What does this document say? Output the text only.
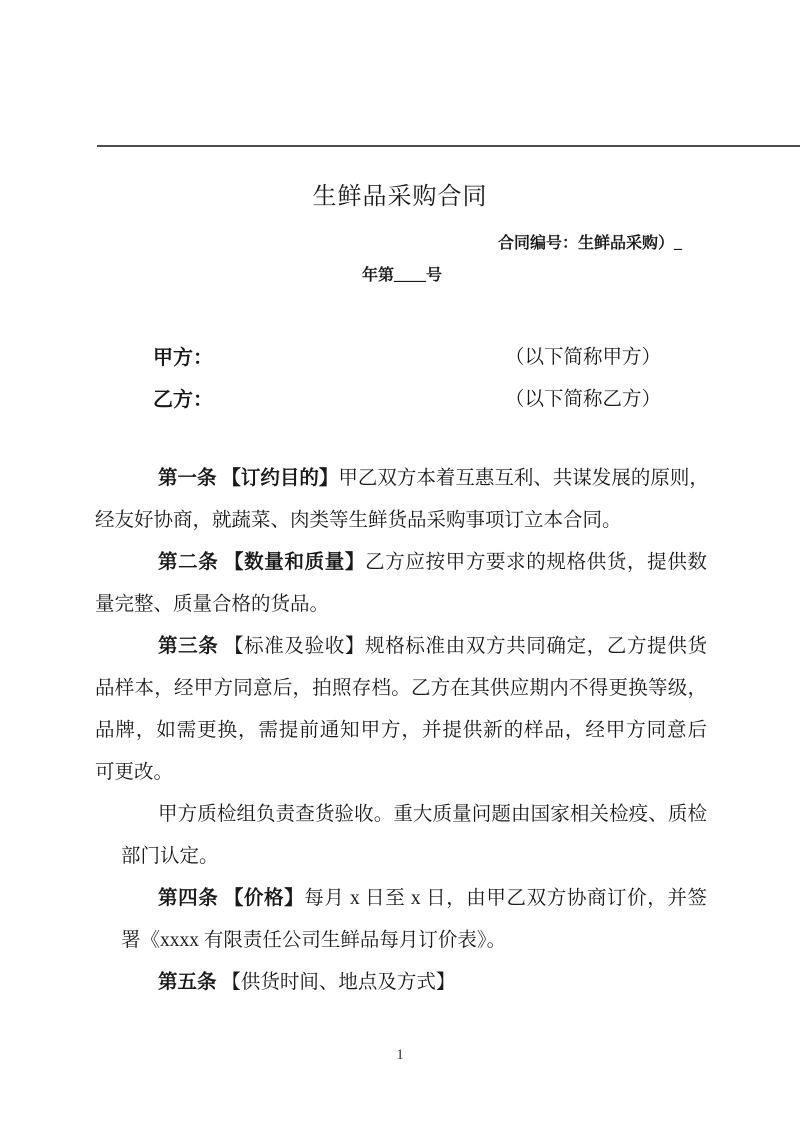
生鲜品采购合同
合同编号：生鲜品采购）_
年第____号
甲方：	（以下简称甲方）
乙方：	（以下简称乙方）
第一条 【订约目的】甲乙双方本着互惠互利、共谋发展的原则，
经友好协商，就蔬菜、肉类等生鲜货品采购事项订立本合同。
第二条 【数量和质量】乙方应按甲方要求的规格供货，提供数
量完整、质量合格的货品。
第三条 【标准及验收】规格标准由双方共同确定，乙方提供货
品样本，经甲方同意后，拍照存档。乙方在其供应期内不得更换等级，
品牌，如需更换，需提前通知甲方，并提供新的样品，经甲方同意后
可更改。
甲方质检组负责查货验收。重大质量问题由国家相关检疫、质检
部门认定。
第四条 【价格】每月 x 日至 x 日，由甲乙双方协商订价，并签
署《xxxx 有限责任公司生鲜品每月订价表》。
第五条 【供货时间、地点及方式】
1
